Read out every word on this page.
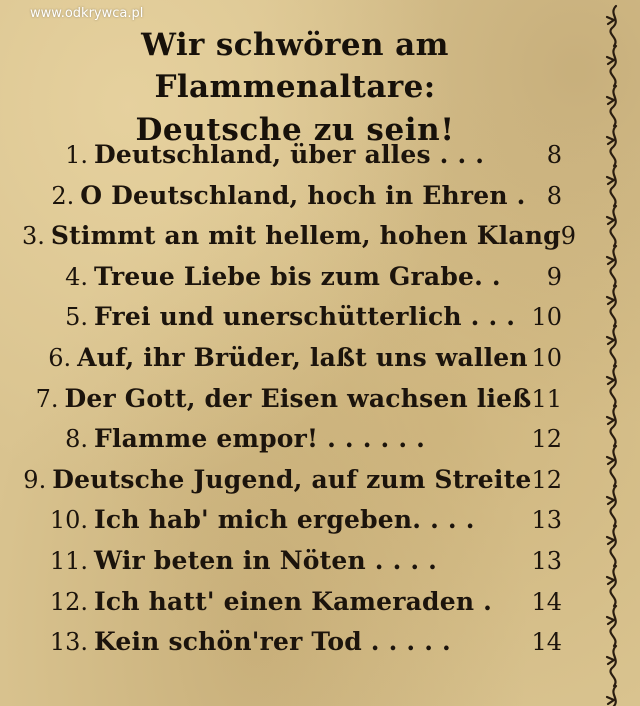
www.odkrywca.pl
Wir schwören am Flammenaltare:
Deutsche zu sein!
1. Deutschland, über alles . . .	8
2. O Deutschland, hoch in Ehren . 8
3. Stimmt an mit hellem, hohen Klang 9
4. Treue Liebe bis zum Grabe. .	9
5. Frei und unerschütterlich . . . 10
6. Auf, ihr Brüder, laßt uns wallen 10
7. Der Gott, der Eisen wachsen ließ 11
8. Flamme empor! . . . . . .	12
9. Deutsche Jugend, auf zum Streite 12
10. Ich hab' mich ergeben. . . .	13
11. Wir beten in Nöten . . . .	13
12. Ich hatt' einen Kameraden .	14
13. Kein schön'rer Tod . . . . .	14
